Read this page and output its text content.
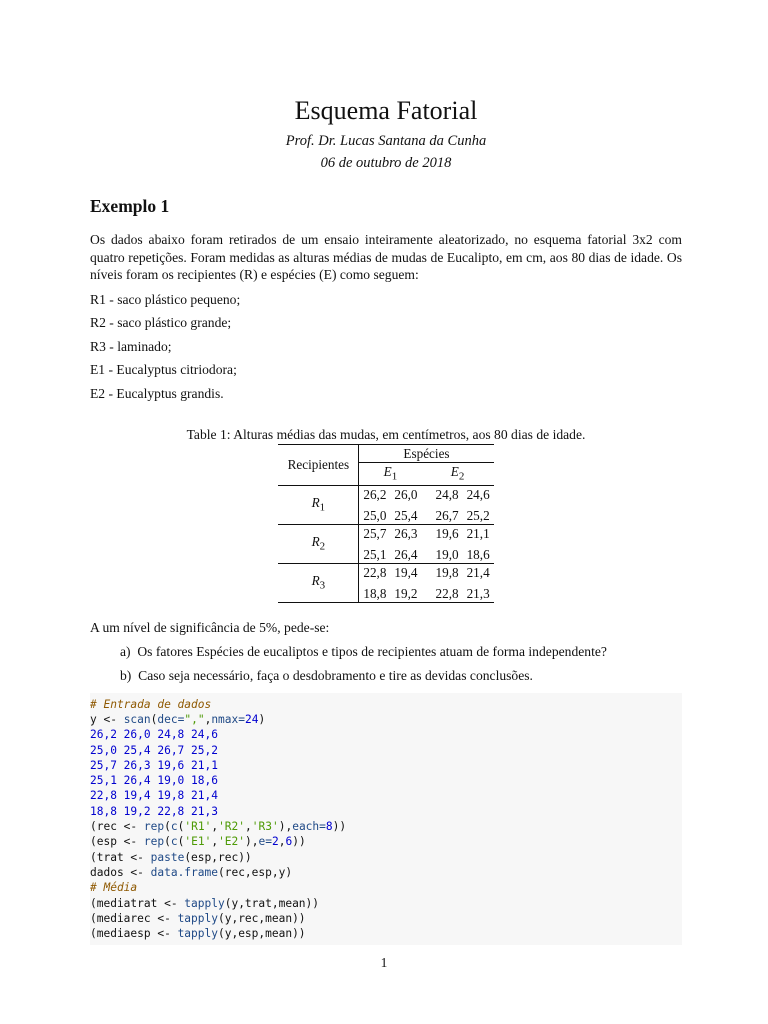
Esquema Fatorial
Prof. Dr. Lucas Santana da Cunha
06 de outubro de 2018
Exemplo 1

Os dados abaixo foram retirados de um ensaio inteiramente aleatorizado, no esquema fatorial 3x2 com quatro repetições. Foram medidas as alturas médias de mudas de Eucalipto, em cm, aos 80 dias de idade. Os níveis foram os recipientes (R) e espécies (E) como seguem:

R1 - saco plástico pequeno;
R2 - saco plástico grande;
R3 - laminado;
E1 - Eucalyptus citriodora;
E2 - Eucalyptus grandis.

Table 1: Alturas médias das mudas, em centímetros, aos 80 dias de idade.

Recipientes	Espécies			
	$E_1$		$E_2$
$R_1$	26,2	26,0	24,8	24,6
	25,0	25,4	26,7	25,2
$R_2$	25,7	26,3	19,6	21,1
	25,1	26,4	19,0	18,6
$R_3$	22,8	19,4	19,8	21,4
	18,8	19,2	22,8	21,3

A um nível de significância de 5%, pede-se:

a) Os fatores Espécies de eucaliptos e tipos de recipientes atuam de forma independente?
b) Caso seja necessário, faça o desdobramento e tire as devidas conclusões.
# Entrada de dados
y <- scan(dec=",",nmax=24)
26,2 26,0 24,8 24,6
25,0 25,4 26,7 25,2
25,7 26,3 19,6 21,1
25,1 26,4 19,0 18,6
22,8 19,4 19,8 21,4
18,8 19,2 22,8 21,3
(rec <- rep(c('R1','R2','R3'),each=8))
(esp <- rep(c('E1','E2'),e=2,6))
(trat <- paste(esp,rec))
dados <- data.frame(rec,esp,y)
# Média
(mediatrat <- tapply(y,trat,mean))
(mediarec <- tapply(y,rec,mean))
(mediaesp <- tapply(y,esp,mean))
1
